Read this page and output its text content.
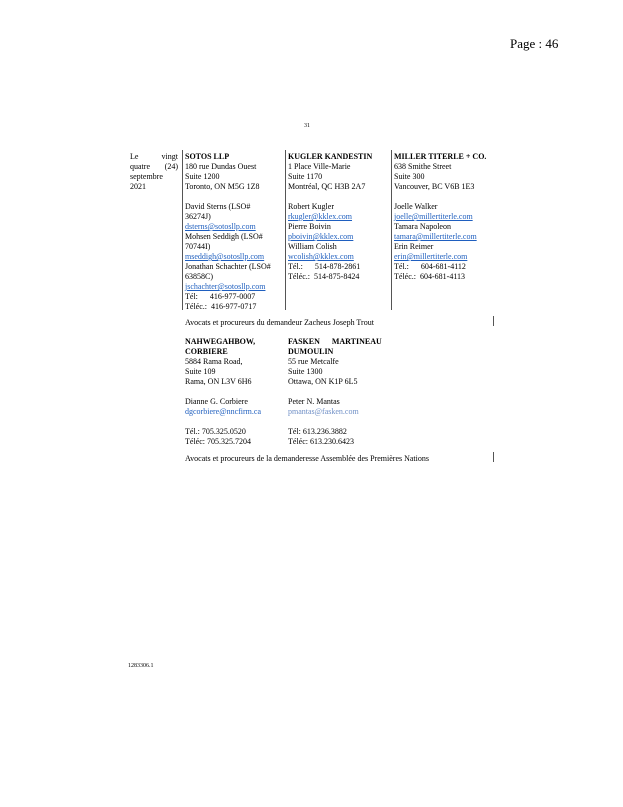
Page : 46
31
Le	vingt
quatre (24)
septembre
2021
SOTOS LLP
180 rue Dundas Ouest
Suite 1200
Toronto, ON M5G 1Z8
David Sterns (LSO#
36274J)
dsterns@sotosllp.com
Mohsen Seddigh (LSO#
70744I)
mseddigh@sotosllp.com
Jonathan Schachter (LSO#
63858C)
jschachter@sotosllp.com
Tél:      416-977-0007
Téléc.:  416-977-0717
KUGLER KANDESTIN
1 Place Ville-Marie
Suite 1170
Montréal, QC H3B 2A7
Robert Kugler
rkugler@kklex.com
Pierre Boivin
pboivin@kklex.com
William Colish
wcolish@kklex.com
Tél.:      514-878-2861
Téléc.:  514-875-8424
MILLER TITERLE + CO.
638 Smithe Street
Suite 300
Vancouver, BC V6B 1E3
Joelle Walker
joelle@millertiterle.com
Tamara Napoleon
tamara@millertiterle.com
Erin Reimer
erin@millertiterle.com
Tél.:      604-681-4112
Téléc.:  604-681-4113
Avocats et procureurs du demandeur Zacheus Joseph Trout
NAHWEGAHBOW,
CORBIERE
5884 Rama Road,
Suite 109
Rama, ON L3V 6H6
Dianne G. Corbiere
dgcorbiere@nncfirm.ca
Tél.: 705.325.0520
Téléc: 705.325.7204
FASKEN      MARTINEAU
DUMOULIN
55 rue Metcalfe
Suite 1300
Ottawa, ON K1P 6L5
Peter N. Mantas
pmantas@fasken.com
Tél: 613.236.3882
Téléc: 613.230.6423
Avocats et procureurs de la demanderesse Assemblée des Premières Nations
1283306.1
